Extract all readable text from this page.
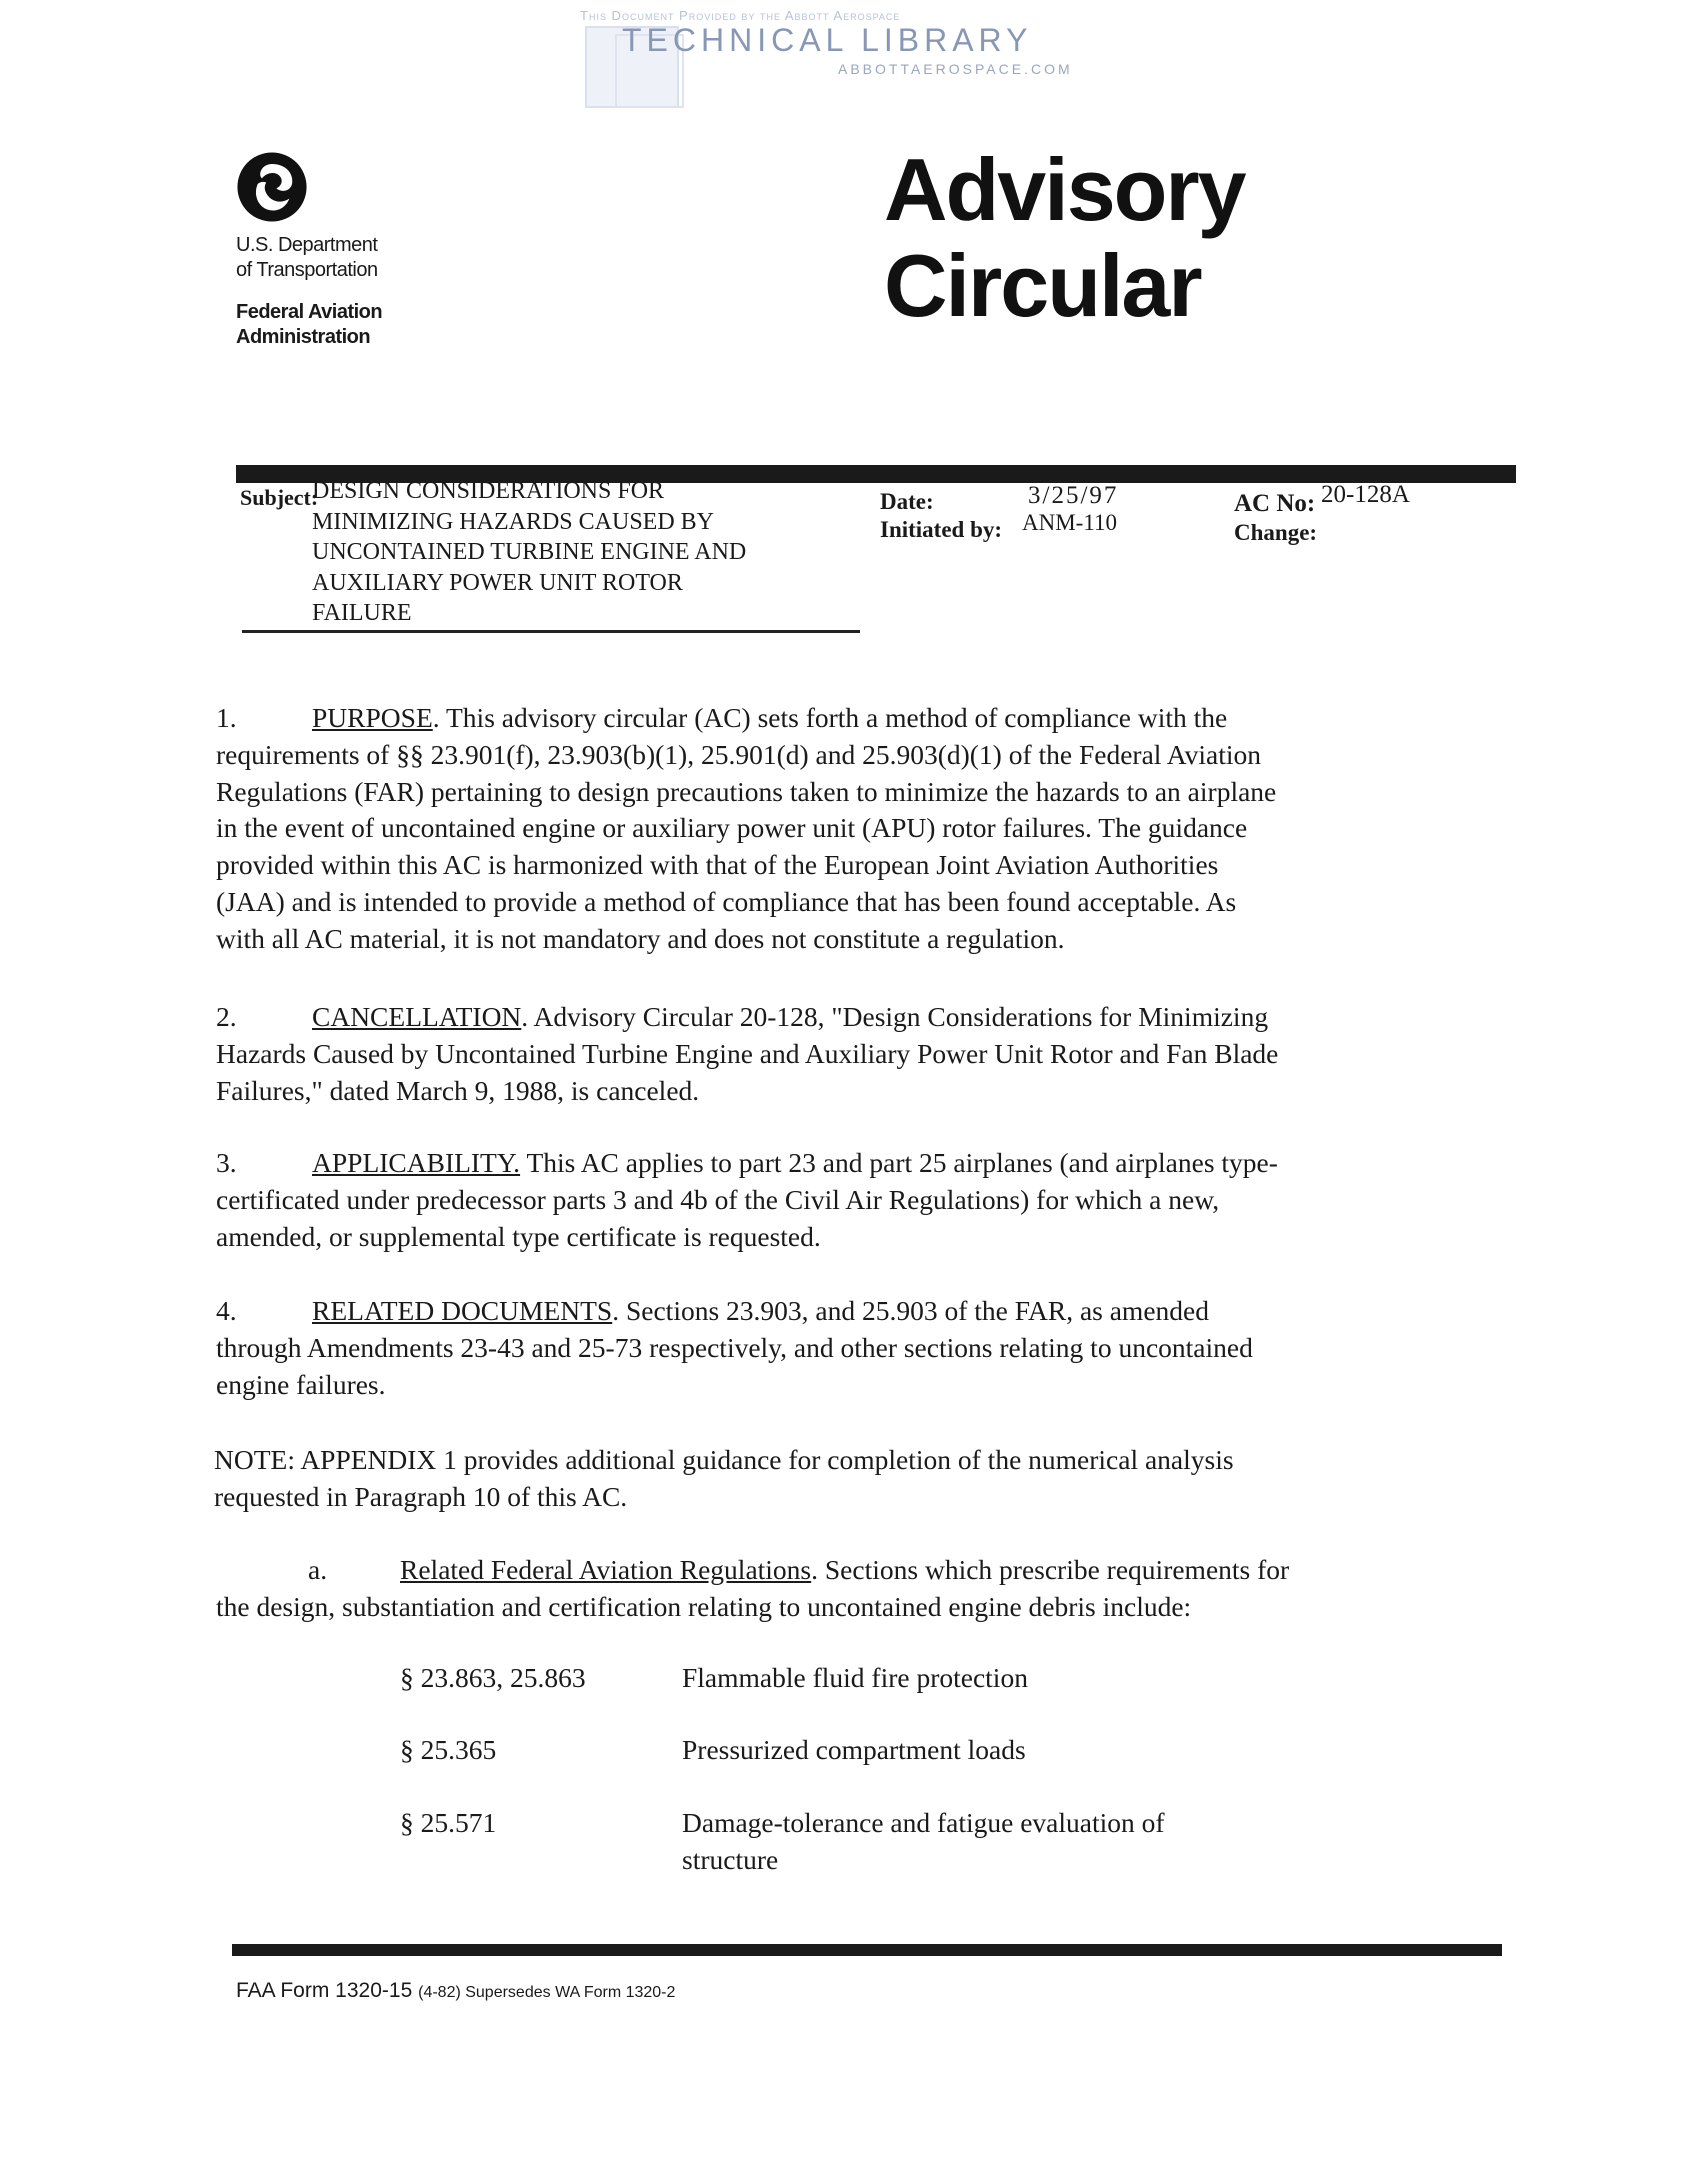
This Document Provided by the Abbott Aerospace
TECHNICAL LIBRARY
ABBOTTAEROSPACE.COM
U.S. Department
of Transportation
Federal Aviation
Administration
Advisory
Circular
Subject:
DESIGN CONSIDERATIONS FOR
MINIMIZING HAZARDS CAUSED BY
UNCONTAINED TURBINE ENGINE AND
AUXILIARY POWER UNIT ROTOR
FAILURE
Date:	3/25/97
Initiated by: ANM-110
AC No: 20-128A
Change:
1.	PURPOSE. This advisory circular (AC) sets forth a method of compliance with the
requirements of §§ 23.901(f), 23.903(b)(1), 25.901(d) and 25.903(d)(1) of the Federal Aviation
Regulations (FAR) pertaining to design precautions taken to minimize the hazards to an airplane
in the event of uncontained engine or auxiliary power unit (APU) rotor failures. The guidance
provided within this AC is harmonized with that of the European Joint Aviation Authorities
(JAA) and is intended to provide a method of compliance that has been found acceptable. As
with all AC material, it is not mandatory and does not constitute a regulation.
2.	CANCELLATION. Advisory Circular 20-128, "Design Considerations for Minimizing
Hazards Caused by Uncontained Turbine Engine and Auxiliary Power Unit Rotor and Fan Blade
Failures," dated March 9, 1988, is canceled.
3.	APPLICABILITY. This AC applies to part 23 and part 25 airplanes (and airplanes type-
certificated under predecessor parts 3 and 4b of the Civil Air Regulations) for which a new,
amended, or supplemental type certificate is requested.
4.	RELATED DOCUMENTS. Sections 23.903, and 25.903 of the FAR, as amended
through Amendments 23-43 and 25-73 respectively, and other sections relating to uncontained
engine failures.
NOTE: APPENDIX 1 provides additional guidance for completion of the numerical analysis
requested in Paragraph 10 of this AC.
a.	Related Federal Aviation Regulations. Sections which prescribe requirements for
the design, substantiation and certification relating to uncontained engine debris include:
§ 23.863, 25.863	Flammable fluid fire protection
§ 25.365	Pressurized compartment loads
§ 25.571	Damage-tolerance and fatigue evaluation of structure
FAA Form 1320-15 (4-82) Supersedes WA Form 1320-2
